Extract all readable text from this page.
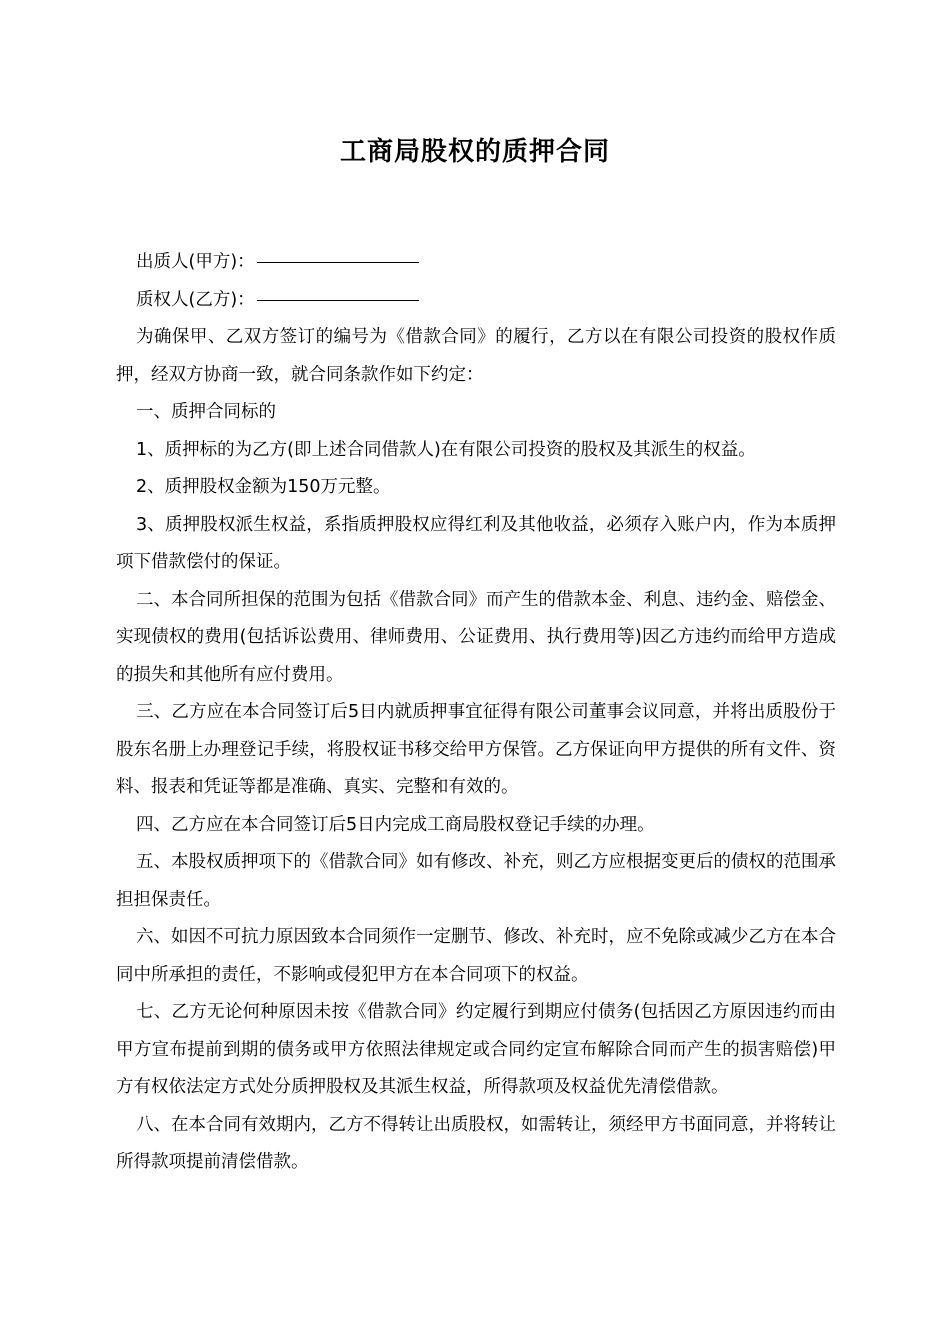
工商局股权的质押合同

出质人(甲方)：

质权人(乙方)：

为确保甲、乙双方签订的编号为《借款合同》的履行，乙方以在有限公司投资的股权作质押，经双方协商一致，就合同条款作如下约定：

一、质押合同标的

1、质押标的为乙方(即上述合同借款人)在有限公司投资的股权及其派生的权益。

2、质押股权金额为150万元整。

3、质押股权派生权益，系指质押股权应得红利及其他收益，必须存入账户内，作为本质押项下借款偿付的保证。

二、本合同所担保的范围为包括《借款合同》而产生的借款本金、利息、违约金、赔偿金、实现债权的费用(包括诉讼费用、律师费用、公证费用、执行费用等)因乙方违约而给甲方造成的损失和其他所有应付费用。

三、乙方应在本合同签订后5日内就质押事宜征得有限公司董事会议同意，并将出质股份于股东名册上办理登记手续，将股权证书移交给甲方保管。乙方保证向甲方提供的所有文件、资料、报表和凭证等都是准确、真实、完整和有效的。

四、乙方应在本合同签订后5日内完成工商局股权登记手续的办理。

五、本股权质押项下的《借款合同》如有修改、补充，则乙方应根据变更后的债权的范围承担担保责任。

六、如因不可抗力原因致本合同须作一定删节、修改、补充时，应不免除或减少乙方在本合同中所承担的责任，不影响或侵犯甲方在本合同项下的权益。

七、乙方无论何种原因未按《借款合同》约定履行到期应付债务(包括因乙方原因违约而由甲方宣布提前到期的债务或甲方依照法律规定或合同约定宣布解除合同而产生的损害赔偿)甲方有权依法定方式处分质押股权及其派生权益，所得款项及权益优先清偿借款。

八、在本合同有效期内，乙方不得转让出质股权，如需转让，须经甲方书面同意，并将转让所得款项提前清偿借款。
